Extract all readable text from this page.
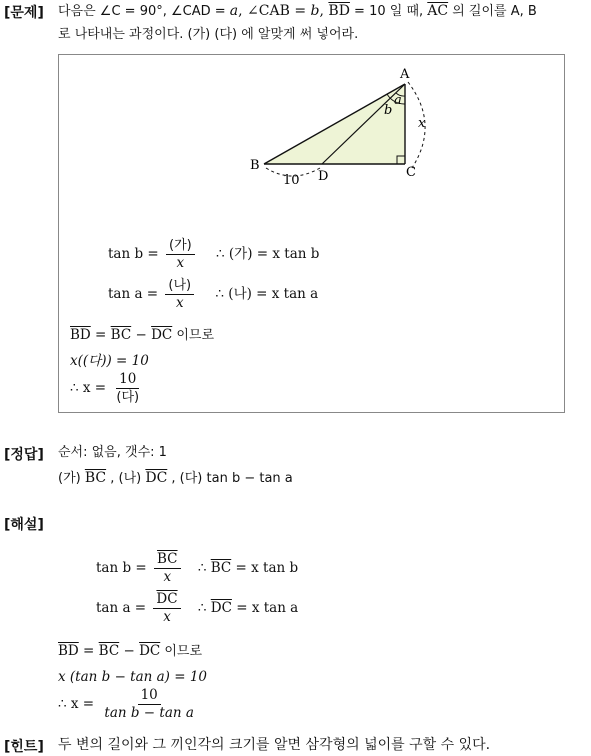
[문제] 다음은 ∠C = 90°, ∠CAD = a, ∠CAB = b, $\overline{BD} = 10$ 일 때, $\overline{AC}$ 의 길이를 A, B
로 나타내는 과정이다. (가) (다) 에 알맞게 써 넣어라.
A
B	C
D
a
b
x
10
$\tan b = \frac{\text{(가)}}{x}$ ∴ (가) = x tan b
$\tan a = \frac{\text{(나)}}{x}$ ∴ (나) = x tan a
$\overline{BD} = \overline{BC} - \overline{DC}$ 이므로
x((다)) = 10
∴ $x = \frac{10}{\text{(다)}}$
[정답] 순서: 없음, 갯수: 1
(가) $\overline{BC}$ , (나) $\overline{DC}$ , (다) tan b − tan a
[해설]
$\tan b = \frac{\overline{BC}}{x}$ ∴ $\overline{BC} = x$ tan b
$\tan a = \frac{\overline{DC}}{x}$ ∴ $\overline{DC} = x$ tan a
$\overline{BD} = \overline{BC} - \overline{DC}$ 이므로
x (tan b − tan a) = 10
∴ $x = \frac{10}{\text{tan b − tan a}}$
[힌트] 두 변의 길이와 그 끼인각의 크기를 알면 삼각형의 넓이를 구할 수 있다.
